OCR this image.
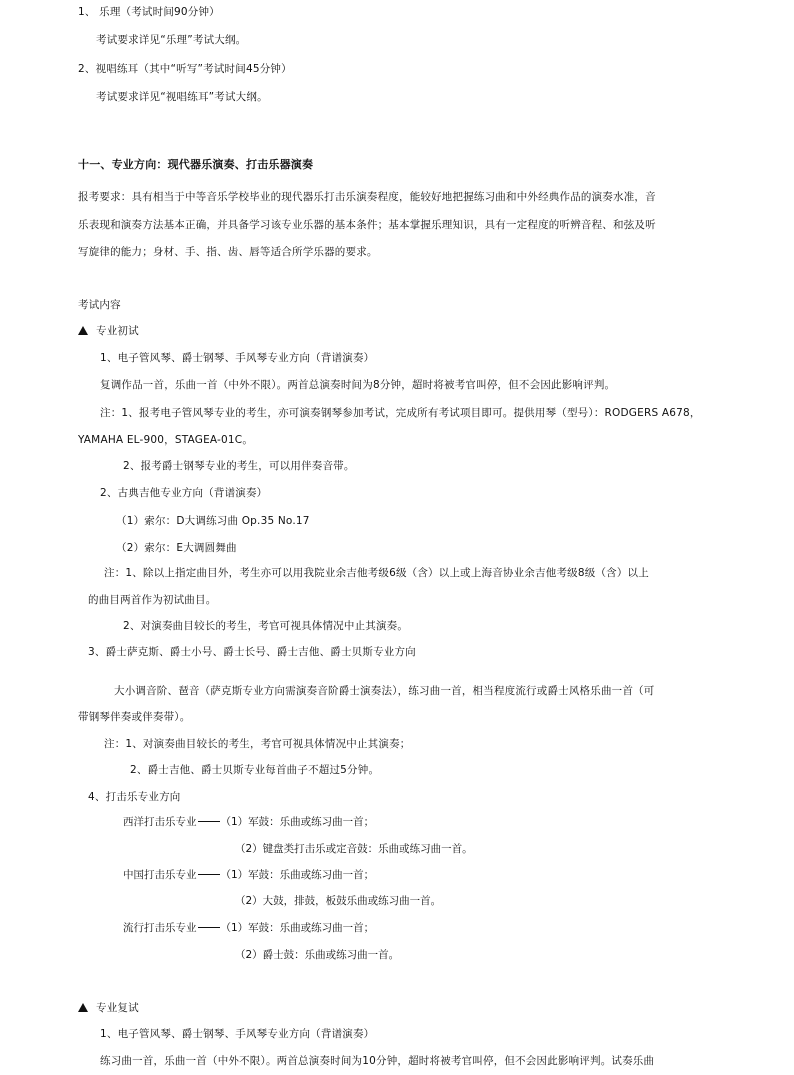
1、 乐理（考试时间90分钟）
考试要求详见“乐理”考试大纲。
2、视唱练耳（其中“听写”考试时间45分钟）
考试要求详见“视唱练耳”考试大纲。
十一、专业方向：现代器乐演奏、打击乐器演奏
报考要求：具有相当于中等音乐学校毕业的现代器乐打击乐演奏程度，能较好地把握练习曲和中外经典作品的演奏水准，音
乐表现和演奏方法基本正确，并具备学习该专业乐器的基本条件；基本掌握乐理知识，具有一定程度的听辨音程、和弦及听
写旋律的能力；身材、手、指、齿、唇等适合所学乐器的要求。
考试内容
专业初试
1、电子管风琴、爵士钢琴、手风琴专业方向（背谱演奏）
复调作品一首，乐曲一首（中外不限）。两首总演奏时间为8分钟，超时将被考官叫停，但不会因此影响评判。
注：1、报考电子管风琴专业的考生，亦可演奏钢琴参加考试，完成所有考试项目即可。提供用琴（型号）：RODGERS A678，
YAMAHA EL-900，STAGEA-01C。
2、报考爵士钢琴专业的考生，可以用伴奏音带。
2、古典吉他专业方向（背谱演奏）
（1）索尔：D大调练习曲 Op.35 No.17
（2）索尔：E大调圆舞曲
注：1、除以上指定曲目外，考生亦可以用我院业余吉他考级6级（含）以上或上海音协业余吉他考级8级（含）以上
的曲目两首作为初试曲目。
2、对演奏曲目较长的考生，考官可视具体情况中止其演奏。
3、爵士萨克斯、爵士小号、爵士长号、爵士吉他、爵士贝斯专业方向
大小调音阶、琶音（萨克斯专业方向需演奏音阶爵士演奏法），练习曲一首，相当程度流行或爵士风格乐曲一首（可
带钢琴伴奏或伴奏带）。
注：1、对演奏曲目较长的考生，考官可视具体情况中止其演奏；
2、爵士吉他、爵士贝斯专业每首曲子不超过5分钟。
4、打击乐专业方向
西洋打击乐专业 （1）军鼓：乐曲或练习曲一首；
（2）键盘类打击乐或定音鼓：乐曲或练习曲一首。
中国打击乐专业 （1）军鼓：乐曲或练习曲一首；
（2）大鼓，排鼓，板鼓乐曲或练习曲一首。
流行打击乐专业 （1）军鼓：乐曲或练习曲一首；
（2）爵士鼓：乐曲或练习曲一首。
专业复试
1、电子管风琴、爵士钢琴、手风琴专业方向（背谱演奏）
练习曲一首，乐曲一首（中外不限）。两首总演奏时间为10分钟，超时将被考官叫停，但不会因此影响评判。试奏乐曲
